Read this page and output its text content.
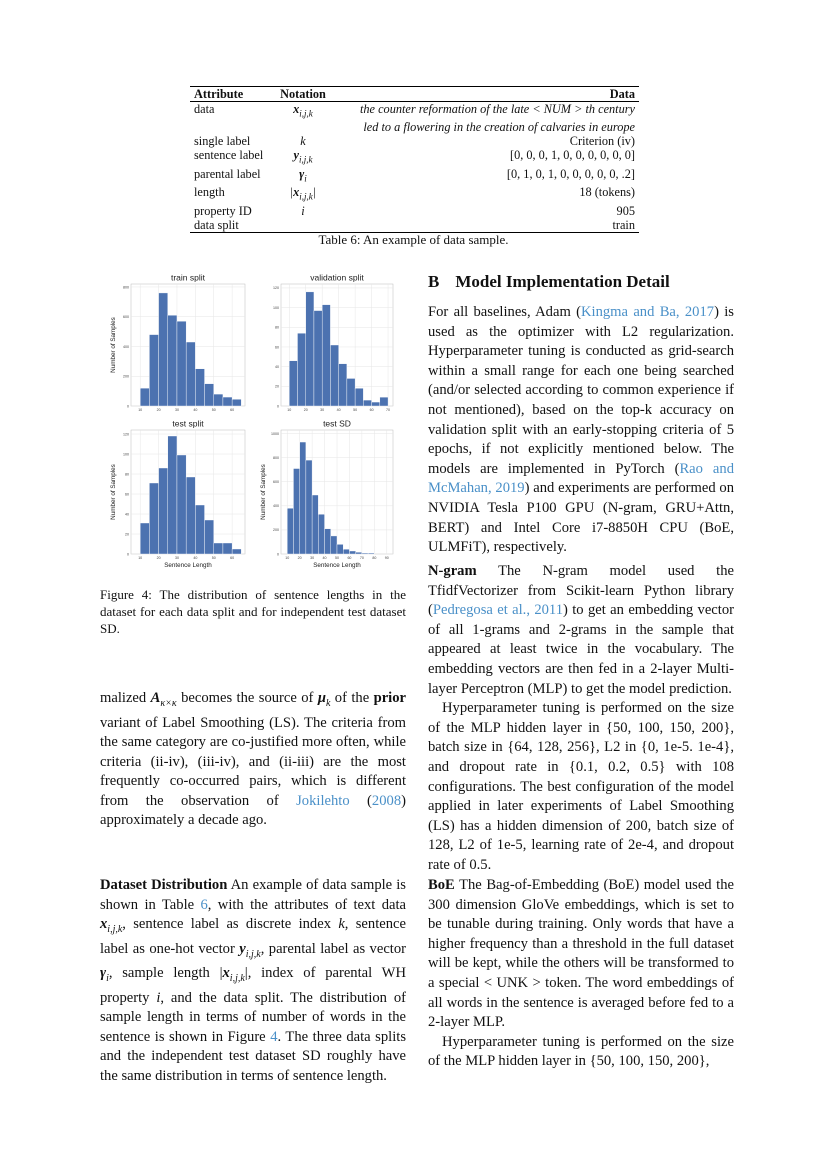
Attribute	Notation	Data
data	$x_{i,j,k}$	the counter reformation of the late < NUM > th century
		led to a flowering in the creation of calvaries in europe
single label	k	Criterion (iv)
sentence label	$y_{i,j,k}$	[0, 0, 0, 1, 0, 0, 0, 0, 0, 0]
parental label	$\gamma_i$	[0, 1, 0, 1, 0, 0, 0, 0, 0, .2]
length	$|x_{i,j,k}|$	18 (tokens)
property ID	i	905
data split		train
Table 6: An example of data sample.
10	20	30	40	50	60
0
200
400
600
800
train split
Number of Samples
10	20	30	40	50	60	70
0
20
40
60
80
100
120
validation split
10	20	30	40	50	60
0
20
40
60
80
100
120
test split
Number of Samples
10 20 30 40 50 60 70 80 90
0
200
400
600
800
1000
test SD
Number of Samples
Sentence Length
Sentence Length
Figure 4: The distribution of sentence lengths in the dataset for each data split and for independent test dataset SD.

malized $A_{\kappa\times\kappa}$ becomes the source of $\mu_k$ of the prior variant of Label Smoothing (LS). The criteria from the same category are co-justified more often, while criteria (ii-iv), (iii-iv), and (ii-iii) are the most frequently co-occurred pairs, which is different from the observation of Jokilehto (2008) approximately a decade ago.

Dataset Distribution An example of data sample is shown in Table 6, with the attributes of text data $x_{i,j,k}$, sentence label as discrete index k, sentence label as one-hot vector $y_{i,j,k}$, parental label as vector $\gamma_i$, sample length $|x_{i,j,k}|$, index of parental WH property i, and the data split. The distribution of sample length in terms of number of words in the sentence is shown in Figure 4. The three data splits and the independent test dataset SD roughly have the same distribution in terms of sentence length.

B Model Implementation Detail

For all baselines, Adam (Kingma and Ba, 2017) is used as the optimizer with L2 regularization. Hyperparameter tuning is conducted as grid-search within a small range for each one being searched (and/or selected according to common experience if not mentioned), based on the top-k accuracy on validation split with an early-stopping criteria of 5 epochs, if not explicitly mentioned below. The models are implemented in PyTorch (Rao and McMahan, 2019) and experiments are performed on NVIDIA Tesla P100 GPU (N-gram, GRU+Attn, BERT) and Intel Core i7-8850H CPU (BoE, ULMFiT), respectively.

N-gram The N-gram model used the TfidfVectorizer from Scikit-learn Python library (Pedregosa et al., 2011) to get an embedding vector of all 1-grams and 2-grams in the sample that appeared at least twice in the vocabulary. The embedding vectors are then fed in a 2-layer Multi-layer Perceptron (MLP) to get the model prediction.

Hyperparameter tuning is performed on the size of the MLP hidden layer in {50, 100, 150, 200}, batch size in {64, 128, 256}, L2 in {0, 1e-5. 1e-4}, and dropout rate in {0.1, 0.2, 0.5} with 108 configurations. The best configuration of the model applied in later experiments of Label Smoothing (LS) has a hidden dimension of 200, batch size of 128, L2 of 1e-5, learning rate of 2e-4, and dropout rate of 0.5.

BoE The Bag-of-Embedding (BoE) model used the 300 dimension GloVe embeddings, which is set to be tunable during training. Only words that have a higher frequency than a threshold in the full dataset will be kept, while the others will be transformed to a special < UNK > token. The word embeddings of all words in the sentence is averaged before fed to a 2-layer MLP.

Hyperparameter tuning is performed on the size of the MLP hidden layer in {50, 100, 150, 200},
